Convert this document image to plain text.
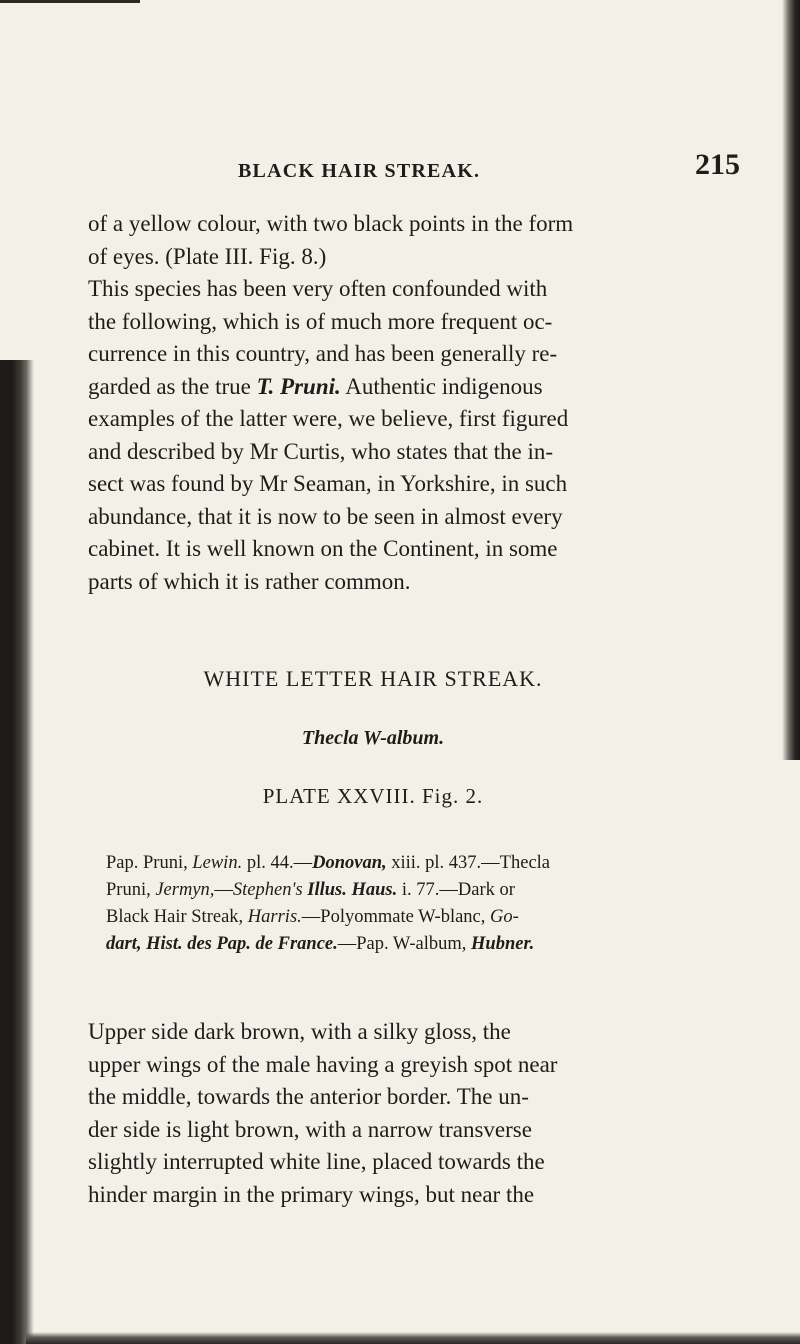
BLACK HAIR STREAK.	215
of a yellow colour, with two black points in the form
of eyes. (Plate III. Fig. 8.)
This species has been very often confounded with
the following, which is of much more frequent oc-
currence in this country, and has been generally re-
garded as the true T. Pruni. Authentic indigenous
examples of the latter were, we believe, first figured
and described by Mr Curtis, who states that the in-
sect was found by Mr Seaman, in Yorkshire, in such
abundance, that it is now to be seen in almost every
cabinet. It is well known on the Continent, in some
parts of which it is rather common.
WHITE LETTER HAIR STREAK.
Thecla W-album.
PLATE XXVIII. Fig. 2.
Pap. Pruni, Lewin. pl. 44.—Donovan, xiii. pl. 437.—Thecla
Pruni, Jermyn,—Stephen's Illus. Haus. i. 77.—Dark or
Black Hair Streak, Harris.—Polyommate W-blanc, Go-
dart, Hist. des Pap. de France.—Pap. W-album, Hubner.
Upper side dark brown, with a silky gloss, the
upper wings of the male having a greyish spot near
the middle, towards the anterior border. The un-
der side is light brown, with a narrow transverse
slightly interrupted white line, placed towards the
hinder margin in the primary wings, but near the
